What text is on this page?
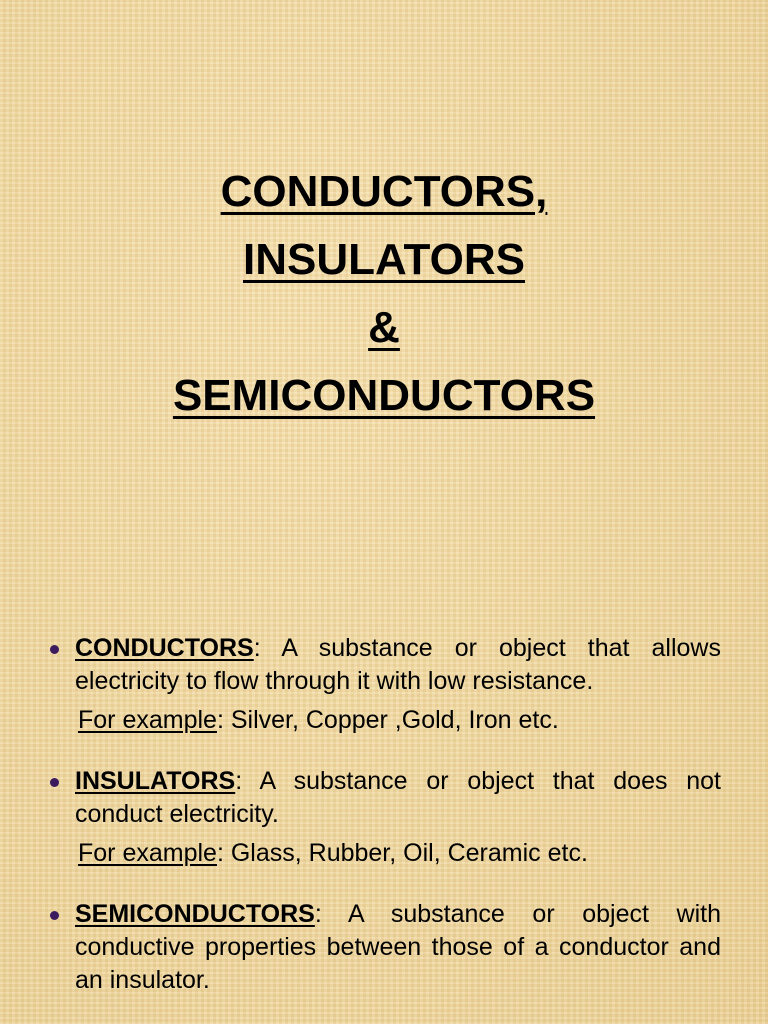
CONDUCTORS,
INSULATORS
&
SEMICONDUCTORS

CONDUCTORS: A substance or object that allows electricity to flow through it with low resistance.

For example: Silver, Copper ,Gold, Iron etc.

INSULATORS: A substance or object that does not conduct electricity.

For example: Glass, Rubber, Oil, Ceramic etc.

SEMICONDUCTORS: A substance or object with conductive properties between those of a conductor and an insulator.
